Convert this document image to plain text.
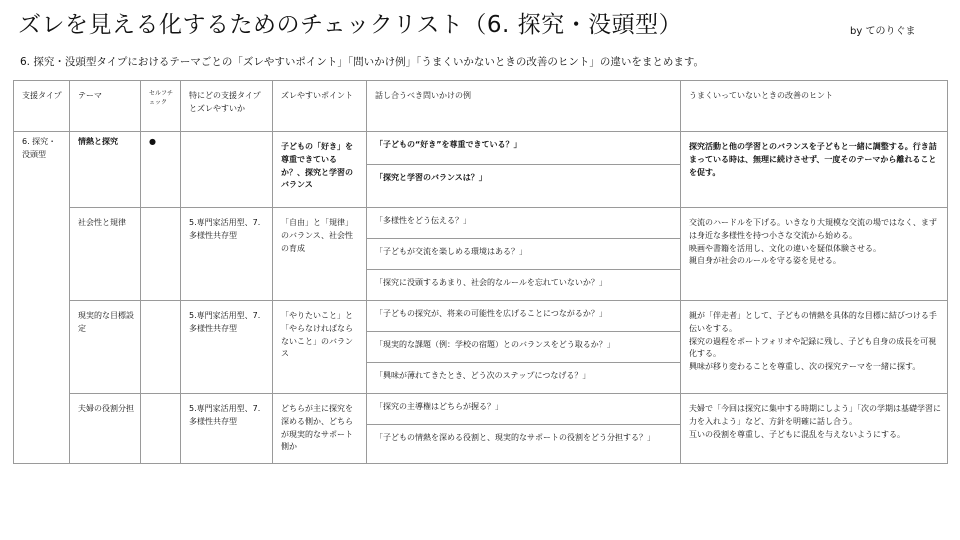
ズレを見える化するためのチェックリスト（6. 探究・没頭型）	by てのりぐま
6. 探究・没頭型タイプにおけるテーマごとの「ズレやすいポイント」「問いかけ例」「うまくいかないときの改善のヒント」の違いをまとめます。
支援タイプ	テーマ	セルフチェック	特にどの支援タイプとズレやすいか	ズレやすいポイント	話し合うべき問いかけの例	うまくいっていないときの改善のヒント
6. 探究・没頭型	情熱と探究	●		子どもの「好き」を尊重できているか？、探究と学習のバランス	「子どもの“好き”を尊重できている？」	探究活動と他の学習とのバランスを子どもと一緒に調整する。行き詰まっている時は、無理に続けさせず、一度そのテーマから離れることを促す。
					「探究と学習のバランスは？」	
	社会性と規律		5.専門家活用型、7.多様性共存型	「自由」と「規律」のバランス、社会性の育成	「多様性をどう伝える？」	交流のハードルを下げる。いきなり大規模な交流の場ではなく、まずは身近な多様性を持つ小さな交流から始める。
映画や書籍を活用し、文化の違いを疑似体験させる。
親自身が社会のルールを守る姿を見せる。
					「子どもが交流を楽しめる環境はある？」	
					「探究に没頭するあまり、社会的なルールを忘れていないか？」	
	現実的な目標設定		5.専門家活用型、7.多様性共存型	「やりたいこと」と「やらなければならないこと」のバランス	「子どもの探究が、将来の可能性を広げることにつながるか？」	親が「伴走者」として、子どもの情熱を具体的な目標に結びつける手伝いをする。
探究の過程をポートフォリオや記録に残し、子ども自身の成長を可視化する。
興味が移り変わることを尊重し、次の探究テーマを一緒に探す。
					「現実的な課題（例：学校の宿題）とのバランスをどう取るか？」	
					「興味が薄れてきたとき、どう次のステップにつなげる？」	
	夫婦の役割分担		5.専門家活用型、7.多様性共存型	どちらが主に探究を深める側か、どちらが現実的なサポート側か	「探究の主導権はどちらが握る？」	夫婦で「今回は探究に集中する時期にしよう」「次の学期は基礎学習に力を入れよう」など、方針を明確に話し合う。
互いの役割を尊重し、子どもに混乱を与えないようにする。
					「子どもの情熱を深める役割と、現実的なサポートの役割をどう分担する？」	
